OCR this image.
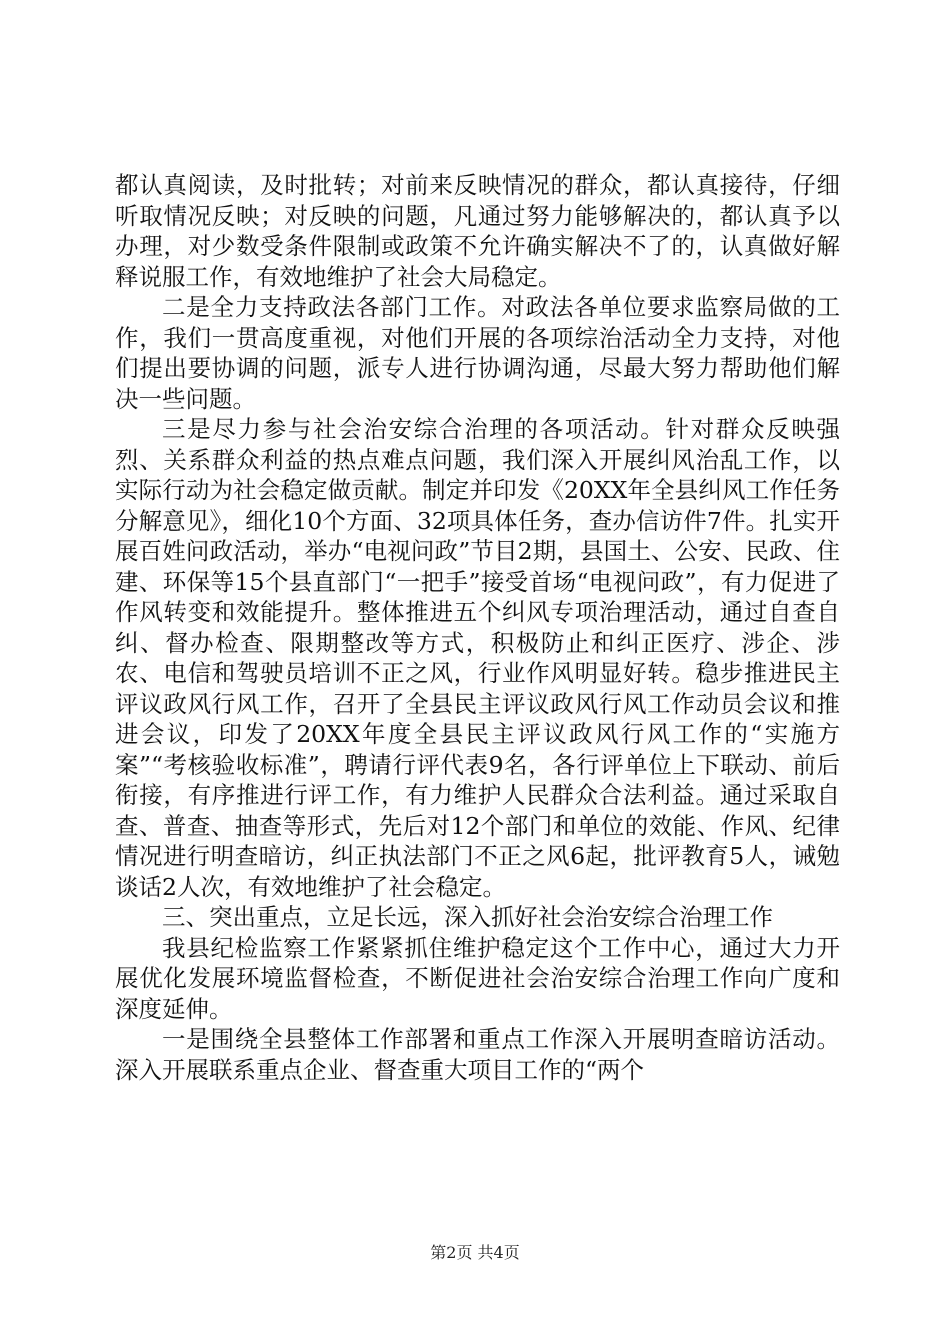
都认真阅读，及时批转；对前来反映情况的群众，都认真接待，仔细听取情况反映；对反映的问题，凡通过努力能够解决的，都认真予以办理，对少数受条件限制或政策不允许确实解决不了的，认真做好解释说服工作，有效地维护了社会大局稳定。

二是全力支持政法各部门工作。对政法各单位要求监察局做的工作，我们一贯高度重视，对他们开展的各项综治活动全力支持，对他们提出要协调的问题，派专人进行协调沟通，尽最大努力帮助他们解决一些问题。

三是尽力参与社会治安综合治理的各项活动。针对群众反映强烈、关系群众利益的热点难点问题，我们深入开展纠风治乱工作，以实际行动为社会稳定做贡献。制定并印发《20XX年全县纠风工作任务分解意见》，细化10个方面、32项具体任务，查办信访件7件。扎实开展百姓问政活动，举办“电视问政”节目2期，县国土、公安、民政、住建、环保等15个县直部门“一把手”接受首场“电视问政”，有力促进了作风转变和效能提升。整体推进五个纠风专项治理活动，通过自查自纠、督办检查、限期整改等方式，积极防止和纠正医疗、涉企、涉农、电信和驾驶员培训不正之风，行业作风明显好转。稳步推进民主评议政风行风工作，召开了全县民主评议政风行风工作动员会议和推进会议，印发了20XX年度全县民主评议政风行风工作的“实施方案”“考核验收标准”，聘请行评代表9名，各行评单位上下联动、前后衔接，有序推进行评工作，有力维护人民群众合法利益。通过采取自查、普查、抽查等形式，先后对12个部门和单位的效能、作风、纪律情况进行明查暗访，纠正执法部门不正之风6起，批评教育5人，诫勉谈话2人次，有效地维护了社会稳定。

三、突出重点，立足长远，深入抓好社会治安综合治理工作

我县纪检监察工作紧紧抓住维护稳定这个工作中心，通过大力开展优化发展环境监督检查，不断促进社会治安综合治理工作向广度和深度延伸。

一是围绕全县整体工作部署和重点工作深入开展明查暗访活动。深入开展联系重点企业、督查重大项目工作的“两个

第2页 共4页
